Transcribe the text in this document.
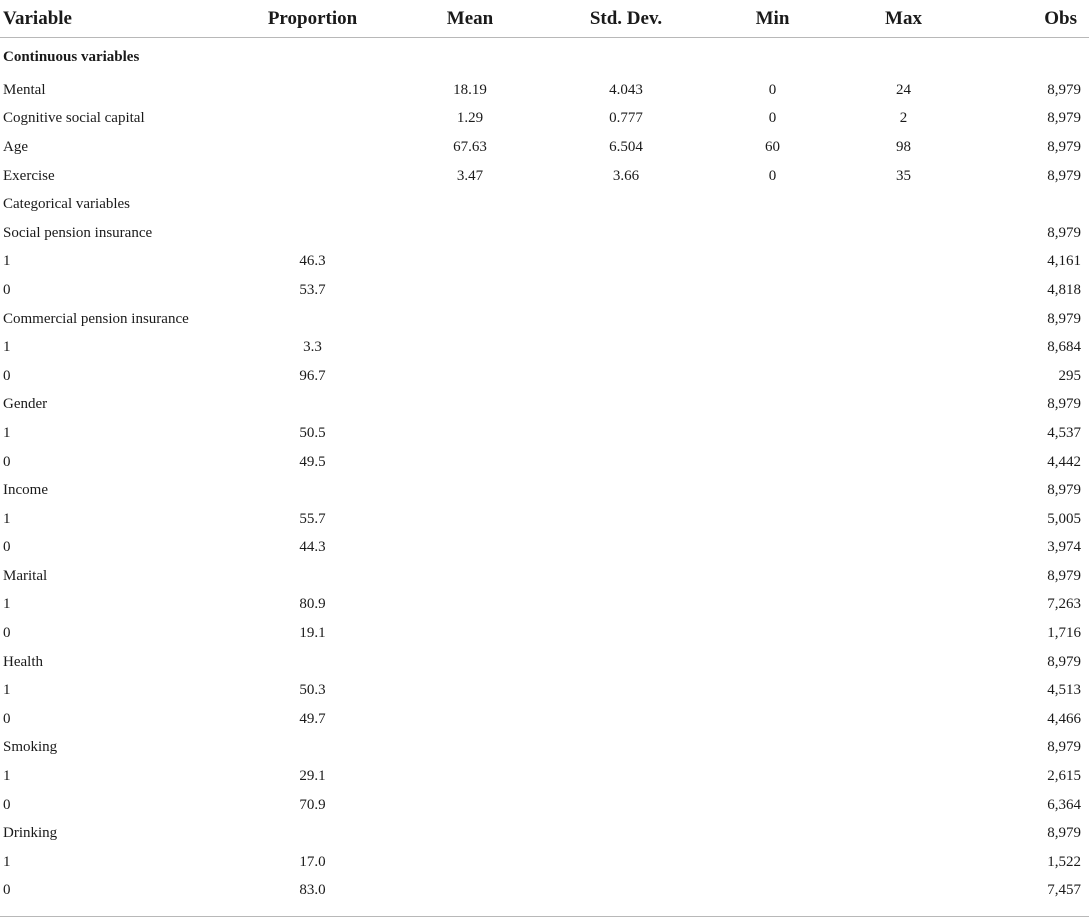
Variable	Proportion	Mean	Std. Dev.	Min	Max	Obs
Continuous variables						
Mental		18.19	4.043	0	24	8,979
Cognitive social capital		1.29	0.777	0	2	8,979
Age		67.63	6.504	60	98	8,979
Exercise		3.47	3.66	0	35	8,979
Categorical variables						
Social pension insurance						8,979
1	46.3					4,161
0	53.7					4,818
Commercial pension insurance						8,979
1	3.3					8,684
0	96.7					295
Gender						8,979
1	50.5					4,537
0	49.5					4,442
Income						8,979
1	55.7					5,005
0	44.3					3,974
Marital						8,979
1	80.9					7,263
0	19.1					1,716
Health						8,979
1	50.3					4,513
0	49.7					4,466
Smoking						8,979
1	29.1					2,615
0	70.9					6,364
Drinking						8,979
1	17.0					1,522
0	83.0					7,457
